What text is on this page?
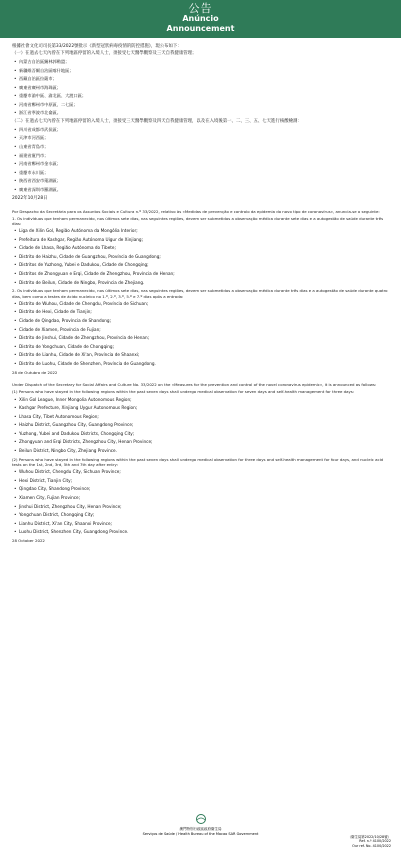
公告
Anúncio
Announcement
根據社會文化司司長第33/2022號批示《新型冠狀病毒疫情的防控措施》，現公布如下：
（一）在過去七天內曾在下列地區停留的入境人士，須接受七天醫學觀察及三天自我健康管理；
• 內蒙古自治區錫林郭勒盟；
• 新疆維吾爾自治區喀什地區；
• 西藏自治區拉薩市；
• 廣東省廣州市海珠區；
• 重慶市渝中區、渝北區、大渡口區；
• 河南省鄭州市中原區、二七區；
• 浙江省寧波市北侖區。
（二）在過去七天內曾在下列地區停留的入境人士，須接受三天醫學觀察及四天自我健康管理，以及在入境後第一、二、三、五、七天進行核酸檢測：
• 四川省成都市武侯區；
• 天津市河西區；
• 山東省青島市；
• 福建省廈門市；
• 河南省鄭州市金水區；
• 重慶市永川區；
• 陝西省西安市蓮湖區；
• 廣東省深圳市羅湖區。
2022年10月28日
Por Despacho da Secretária para os Assuntos Sociais e Cultura n.º 33/2022, relativo às «Medidas de prevenção e controlo da epidemia do novo tipo de coronavírus», anuncia-se o seguinte:
1. Os indivíduos que tenham permanecido, nos últimos sete dias, nas seguintes regiões, devem ser submetidos a observação médica durante sete dias e a autogestão de saúde durante três dias:
• Liga de Xilin Gol, Região Autónoma da Mongólia Interior;
• Prefeitura de Kashgar, Região Autónoma Uigur de Xinjiang;
• Cidade de Lhasa, Região Autónoma do Tibete;
• Distrito de Haizhu, Cidade de Guangzhou, Província de Guangdong;
• Distritos de Yuzhong, Yubei e Dadukou, Cidade de Chongqing;
• Distritos de Zhongyuan e Erqi, Cidade de Zhengzhou, Província de Henan;
• Distrito de Beilun, Cidade de Ningbo, Província de Zhejiang.
2. Os indivíduos que tenham permanecido, nos últimos sete dias, nas seguintes regiões, devem ser submetidos a observação médica durante três dias e a autogestão de saúde durante quatro dias, bem como a testes de ácido nucleico no 1.º, 2.º, 3.º, 5.º e 7.º dias após a entrada:
• Distrito de Wuhou, Cidade de Chengdu, Província de Sichuan;
• Distrito de Hexi, Cidade de Tianjin;
• Cidade de Qingdao, Província de Shandong;
• Cidade de Xiamen, Província de Fujian;
• Distrito de Jinshui, Cidade de Zhengzhou, Província de Henan;
• Distrito de Yongchuan, Cidade de Chongqing;
• Distrito de Lianhu, Cidade de Xi'an, Província de Shaanxi;
• Distrito de Luohu, Cidade de Shenzhen, Província de Guangdong.
28 de Outubro de 2022
Under Dispatch of the Secretary for Social Affairs and Culture No. 33/2022 on the «Measures for the prevention and control of the novel coronavirus epidemic», it is announced as follows:
(1) Persons who have stayed in the following regions within the past seven days shall undergo medical observation for seven days and self-health management for three days:
• Xilin Gol League, Inner Mongolia Autonomous Region;
• Kashgar Prefecture, Xinjiang Uygur Autonomous Region;
• Lhasa City, Tibet Autonomous Region;
• Haizhu District, Guangzhou City, Guangdong Province;
• Yuzhong, Yubei and Dadukou Districts, Chongqing City;
• Zhongyuan and Erqi Districts, Zhengzhou City, Henan Province;
• Beilun District, Ningbo City, Zhejiang Province.
(2) Persons who have stayed in the following regions within the past seven days shall undergo medical observation for three days and self-health management for four days, and nucleic acid tests on the 1st, 2nd, 3rd, 5th and 7th day after entry:
• Wuhou District, Chengdu City, Sichuan Province;
• Hexi District, Tianjin City;
• Qingdao City, Shandong Province;
• Xiamen City, Fujian Province;
• Jinshui District, Zhengzhou City, Henan Province;
• Yongchuan District, Chongqing City;
• Lianhu District, Xi'an City, Shaanxi Province;
• Luohu District, Shenzhen City, Guangdong Province.
28 October 2022
澳門特別行政區政府衛生局
Serviços de Saúde / Health Bureau of the Macao SAR Government
（衛生局第2022/10/28號）
Ref. n.º 4100/2022
Our ref. No. 4100/2022
